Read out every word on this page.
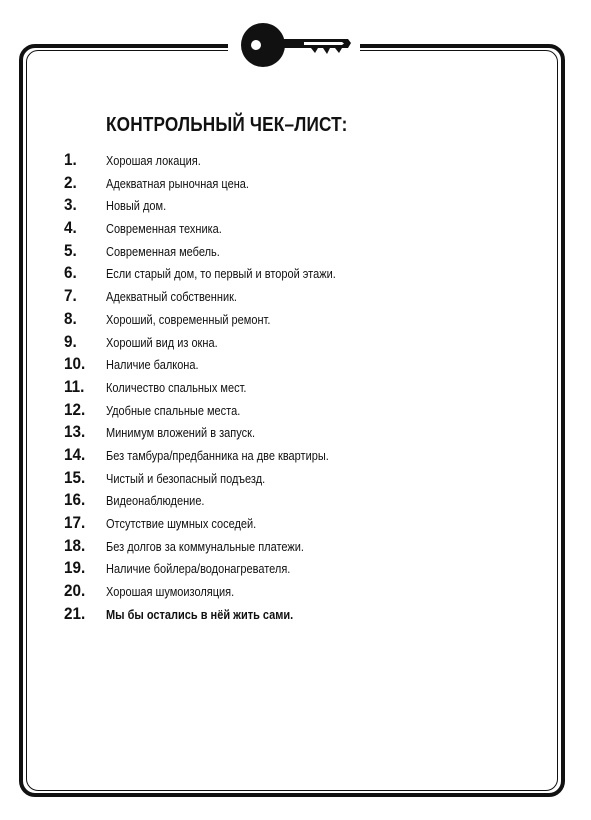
КОНТРОЛЬНЫЙ ЧЕК–ЛИСТ:
1. Хорошая локация.
2. Адекватная рыночная цена.
3. Новый дом.
4. Современная техника.
5. Современная мебель.
6. Если старый дом, то первый и второй этажи.
7. Адекватный собственник.
8. Хороший, современный ремонт.
9. Хороший вид из окна.
10. Наличие балкона.
11. Количество спальных мест.
12. Удобные спальные места.
13. Минимум вложений в запуск.
14. Без тамбура/предбанника на две квартиры.
15. Чистый и безопасный подъезд.
16. Видеонаблюдение.
17. Отсутствие шумных соседей.
18. Без долгов за коммунальные платежи.
19. Наличие бойлера/водонагревателя.
20. Хорошая шумоизоляция.
21. Мы бы остались в нёй жить сами.
